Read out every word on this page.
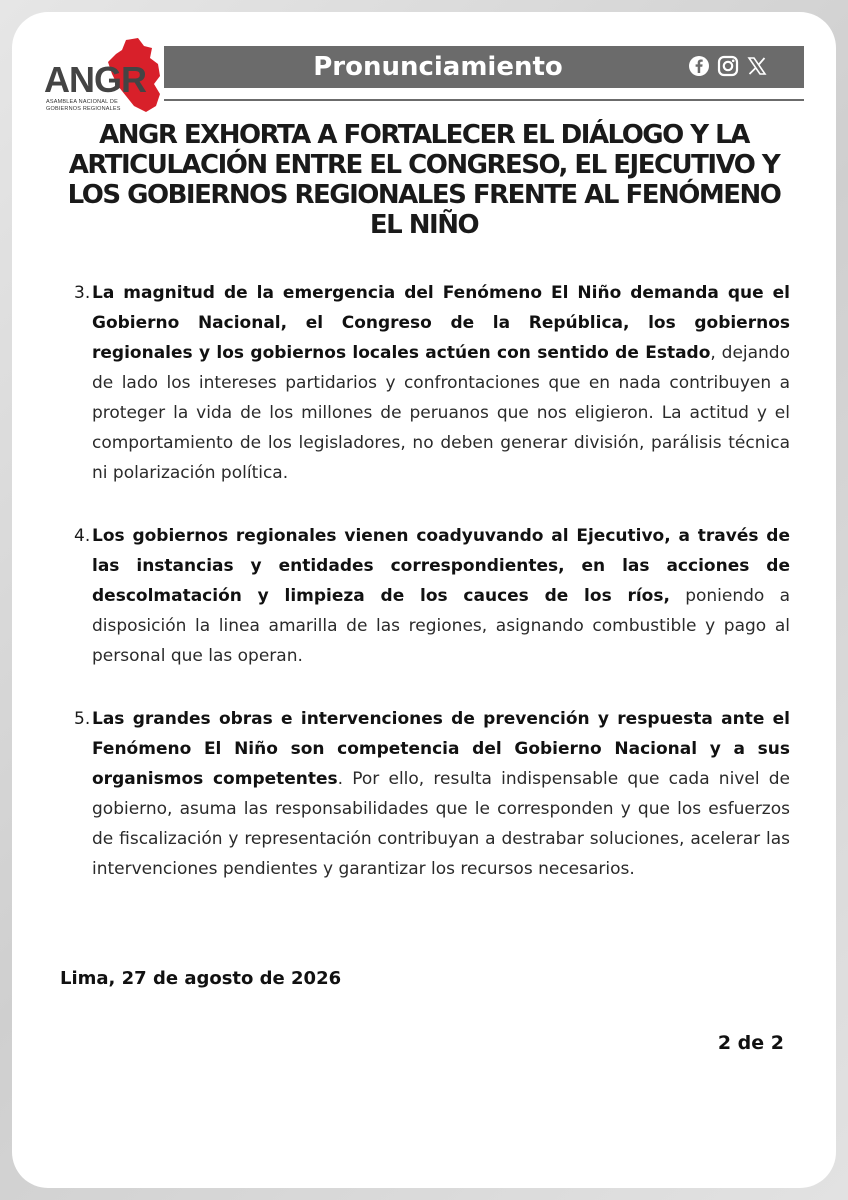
ANGR
ASAMBLEA NACIONAL DE GOBIERNOS REGIONALES
Pronunciamiento
ANGR EXHORTA A FORTALECER EL DIÁLOGO Y LA ARTICULACIÓN ENTRE EL CONGRESO, EL EJECUTIVO Y LOS GOBIERNOS REGIONALES FRENTE AL FENÓMENO EL NIÑO
3. La magnitud de la emergencia del Fenómeno El Niño demanda que el Gobierno Nacional, el Congreso de la República, los gobiernos regionales y los gobiernos locales actúen con sentido de Estado, dejando de lado los intereses partidarios y confrontaciones que en nada contribuyen a proteger la vida de los millones de peruanos que nos eligieron. La actitud y el comportamiento de los legisladores, no deben generar división, parálisis técnica ni polarización política.

4. Los gobiernos regionales vienen coadyuvando al Ejecutivo, a través de las instancias y entidades correspondientes, en las acciones de descolmatación y limpieza de los cauces de los ríos, poniendo a disposición la linea amarilla de las regiones, asignando combustible y pago al personal que las operan.

5. Las grandes obras e intervenciones de prevención y respuesta ante el Fenómeno El Niño son competencia del Gobierno Nacional y a sus organismos competentes. Por ello, resulta indispensable que cada nivel de gobierno, asuma las responsabilidades que le corresponden y que los esfuerzos de fiscalización y representación contribuyan a destrabar soluciones, acelerar las intervenciones pendientes y garantizar los recursos necesarios.

Lima, 27 de agosto de 2026
2 de 2
